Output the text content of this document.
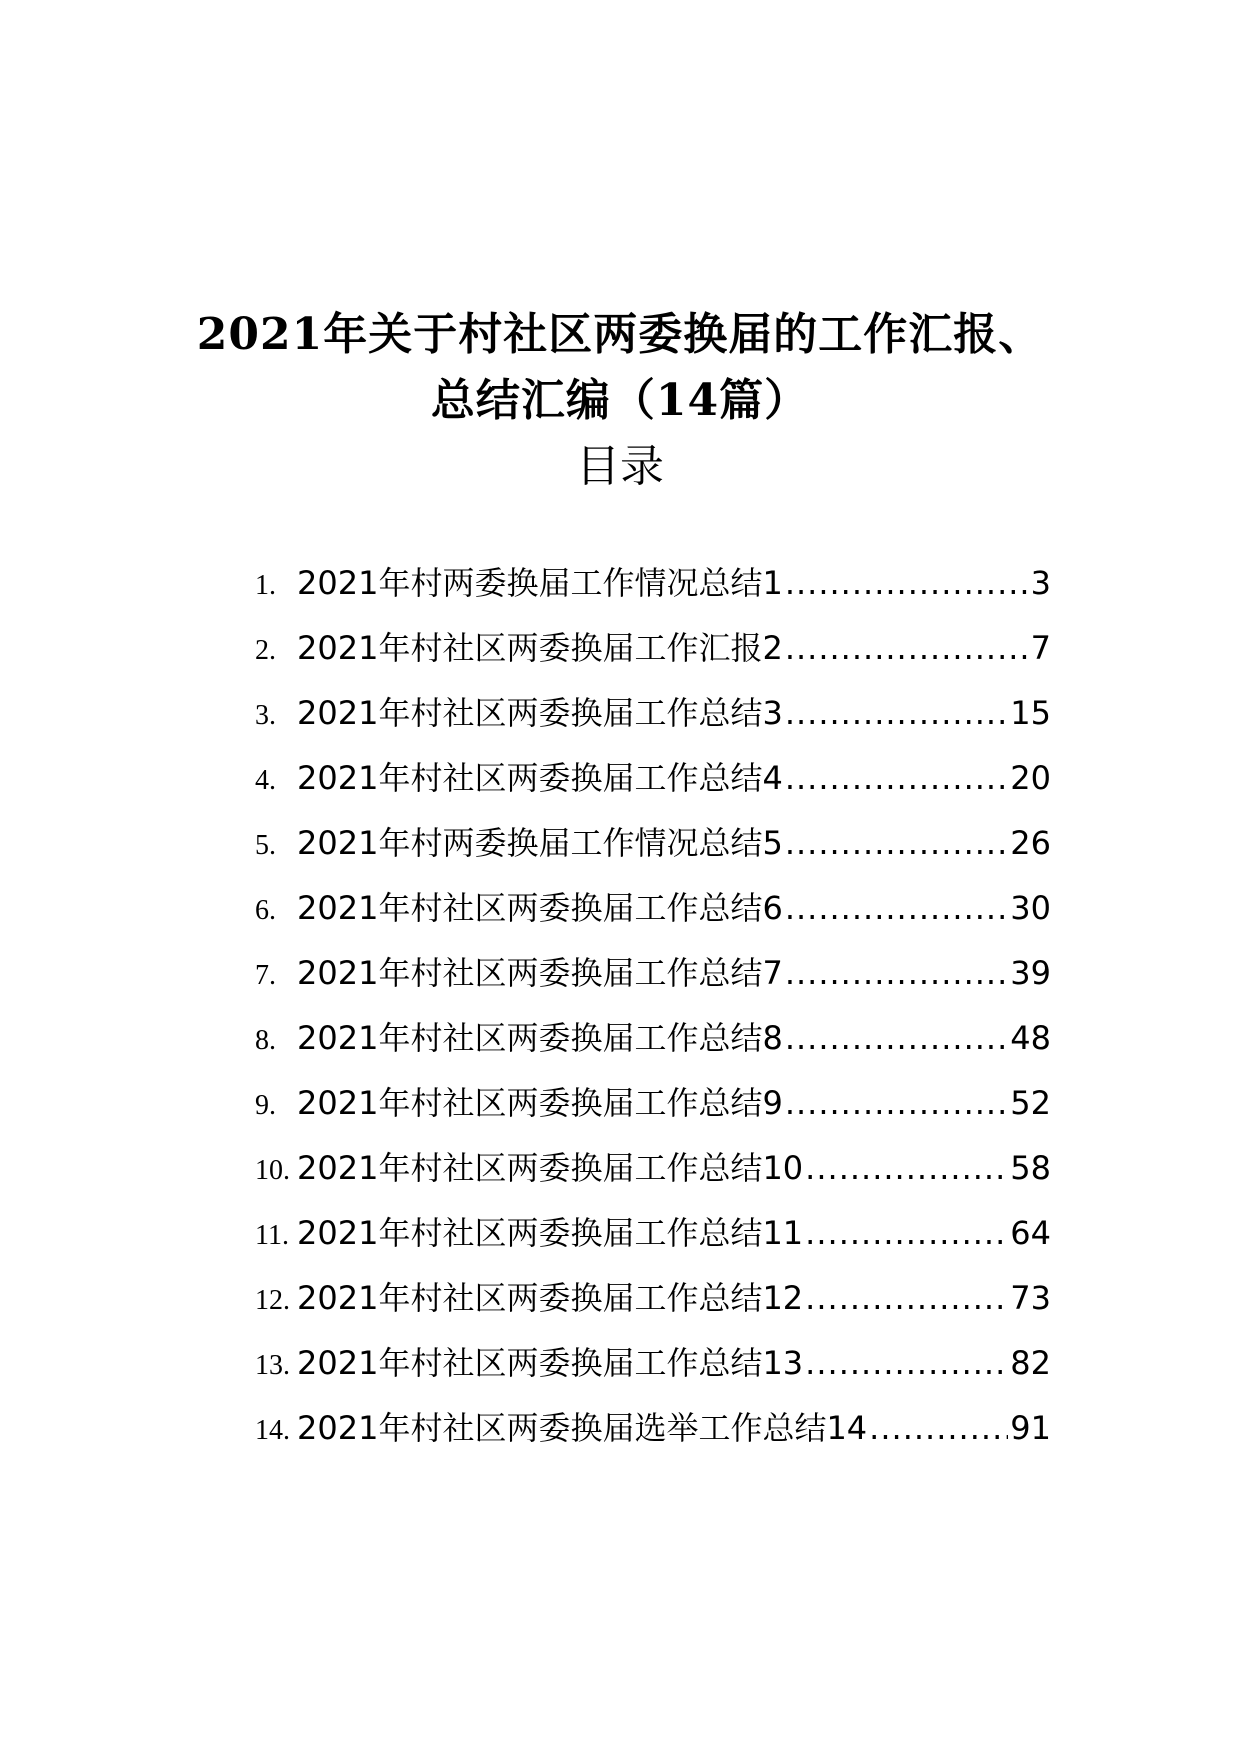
2021年关于村社区两委换届的工作汇报、
总结汇编（14篇）
目录
1. 2021年村两委换届工作情况总结1 .....	3
2. 2021年村社区两委换届工作汇报2 .....	7
3. 2021年村社区两委换届工作总结3 .....	15
4. 2021年村社区两委换届工作总结4 .....	20
5. 2021年村两委换届工作情况总结5 .....	26
6. 2021年村社区两委换届工作总结6 .....	30
7. 2021年村社区两委换届工作总结7 .....	39
8. 2021年村社区两委换届工作总结8 .....	48
9. 2021年村社区两委换届工作总结9 .....	52
10. 2021年村社区两委换届工作总结10 .....	58
11. 2021年村社区两委换届工作总结11 .....	64
12. 2021年村社区两委换届工作总结12 .....	73
13. 2021年村社区两委换届工作总结13 .....	82
14. 2021年村社区两委换届选举工作总结14 .....	91
